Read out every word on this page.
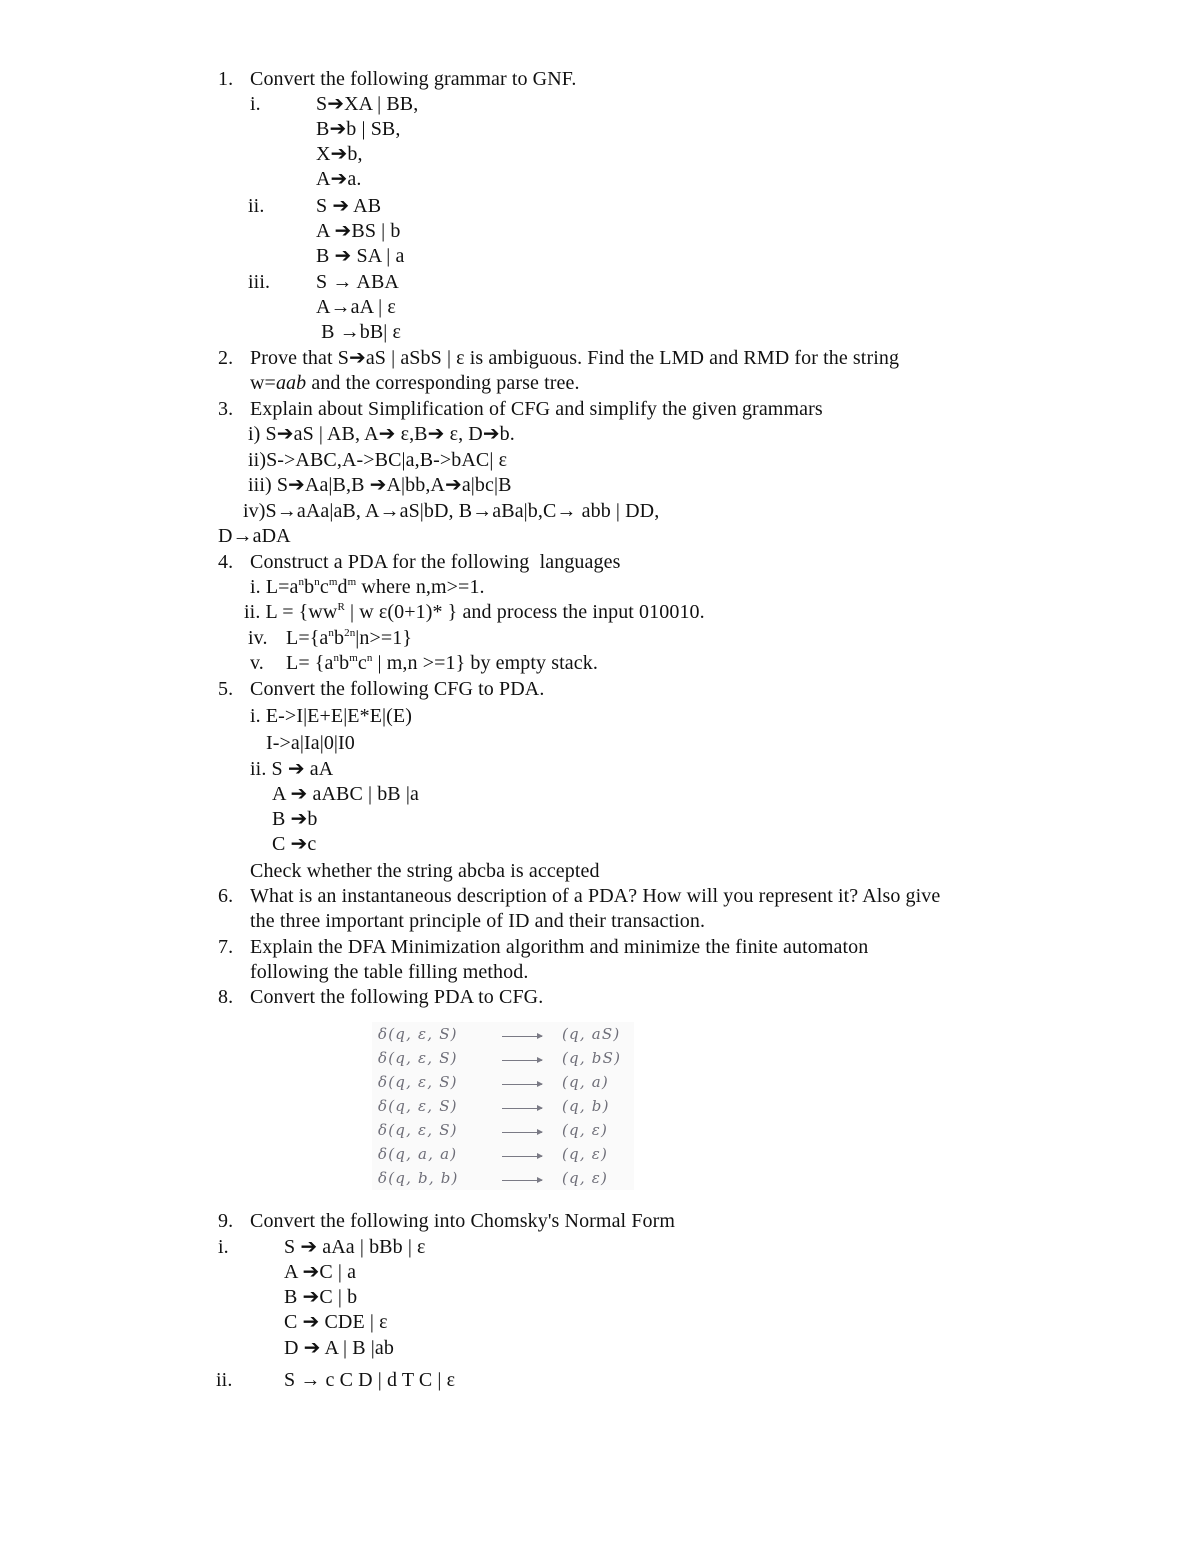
1. Convert the following grammar to GNF.
i.	S➔XA | BB,
B➔b | SB,
X➔b,
A➔a.
ii.	S ➔ AB
A ➔BS | b
B ➔ SA | a
iii. S → ABA
A→aA | ε
B →bB| ε
2. Prove that S➔aS | aSbS | ε is ambiguous. Find the LMD and RMD for the string
w=aab and the corresponding parse tree.
3. Explain about Simplification of CFG and simplify the given grammars
i) S➔aS | AB, A➔ ε,B➔ ε, D➔b.
ii)S->ABC,A->BC|a,B->bAC| ε
iii) S➔Aa|B,B ➔A|bb,A➔a|bc|B
iv)S→aAa|aB, A→aS|bD, B→aBa|b,C→ abb | DD,
D→aDA
4. Construct a PDA for the following  languages
i. $L=a^nb^nc^md^m$ where n,m>=1.
ii. $L = \{ww^R$ | w ε(0+1)* } and process the input 010010.
iv. $L=\{a^nb^{2n}|n>=1\}$
v. $L= \{a^nb^mc^n$ | m,n >=1} by empty stack.
5. Convert the following CFG to PDA.
i. E->I|E+E|E*E|(E)
I->a|Ia|0|I0
ii. S ➔ aA
A ➔ aABC | bB |a
B ➔b
C ➔c
Check whether the string abcba is accepted
6. What is an instantaneous description of a PDA? How will you represent it? Also give
the three important principle of ID and their transaction.
7. Explain the DFA Minimization algorithm and minimize the finite automaton
following the table filling method.
8. Convert the following PDA to CFG.
δ(q, ε, S)	(q, aS)
δ(q, ε, S)	(q, bS)
δ(q, ε, S)	(q, a)
δ(q, ε, S)	(q, b)
δ(q, ε, S)	(q, ε)
δ(q, a, a)	(q, ε)
δ(q, b, b)	(q, ε)
9. Convert the following into Chomsky's Normal Form
i.	S ➔ aAa | bBb | ε
A ➔C | a
B ➔C | b
C ➔ CDE | ε
D ➔ A | B |ab
ii.	S → c C D | d T C | ε
